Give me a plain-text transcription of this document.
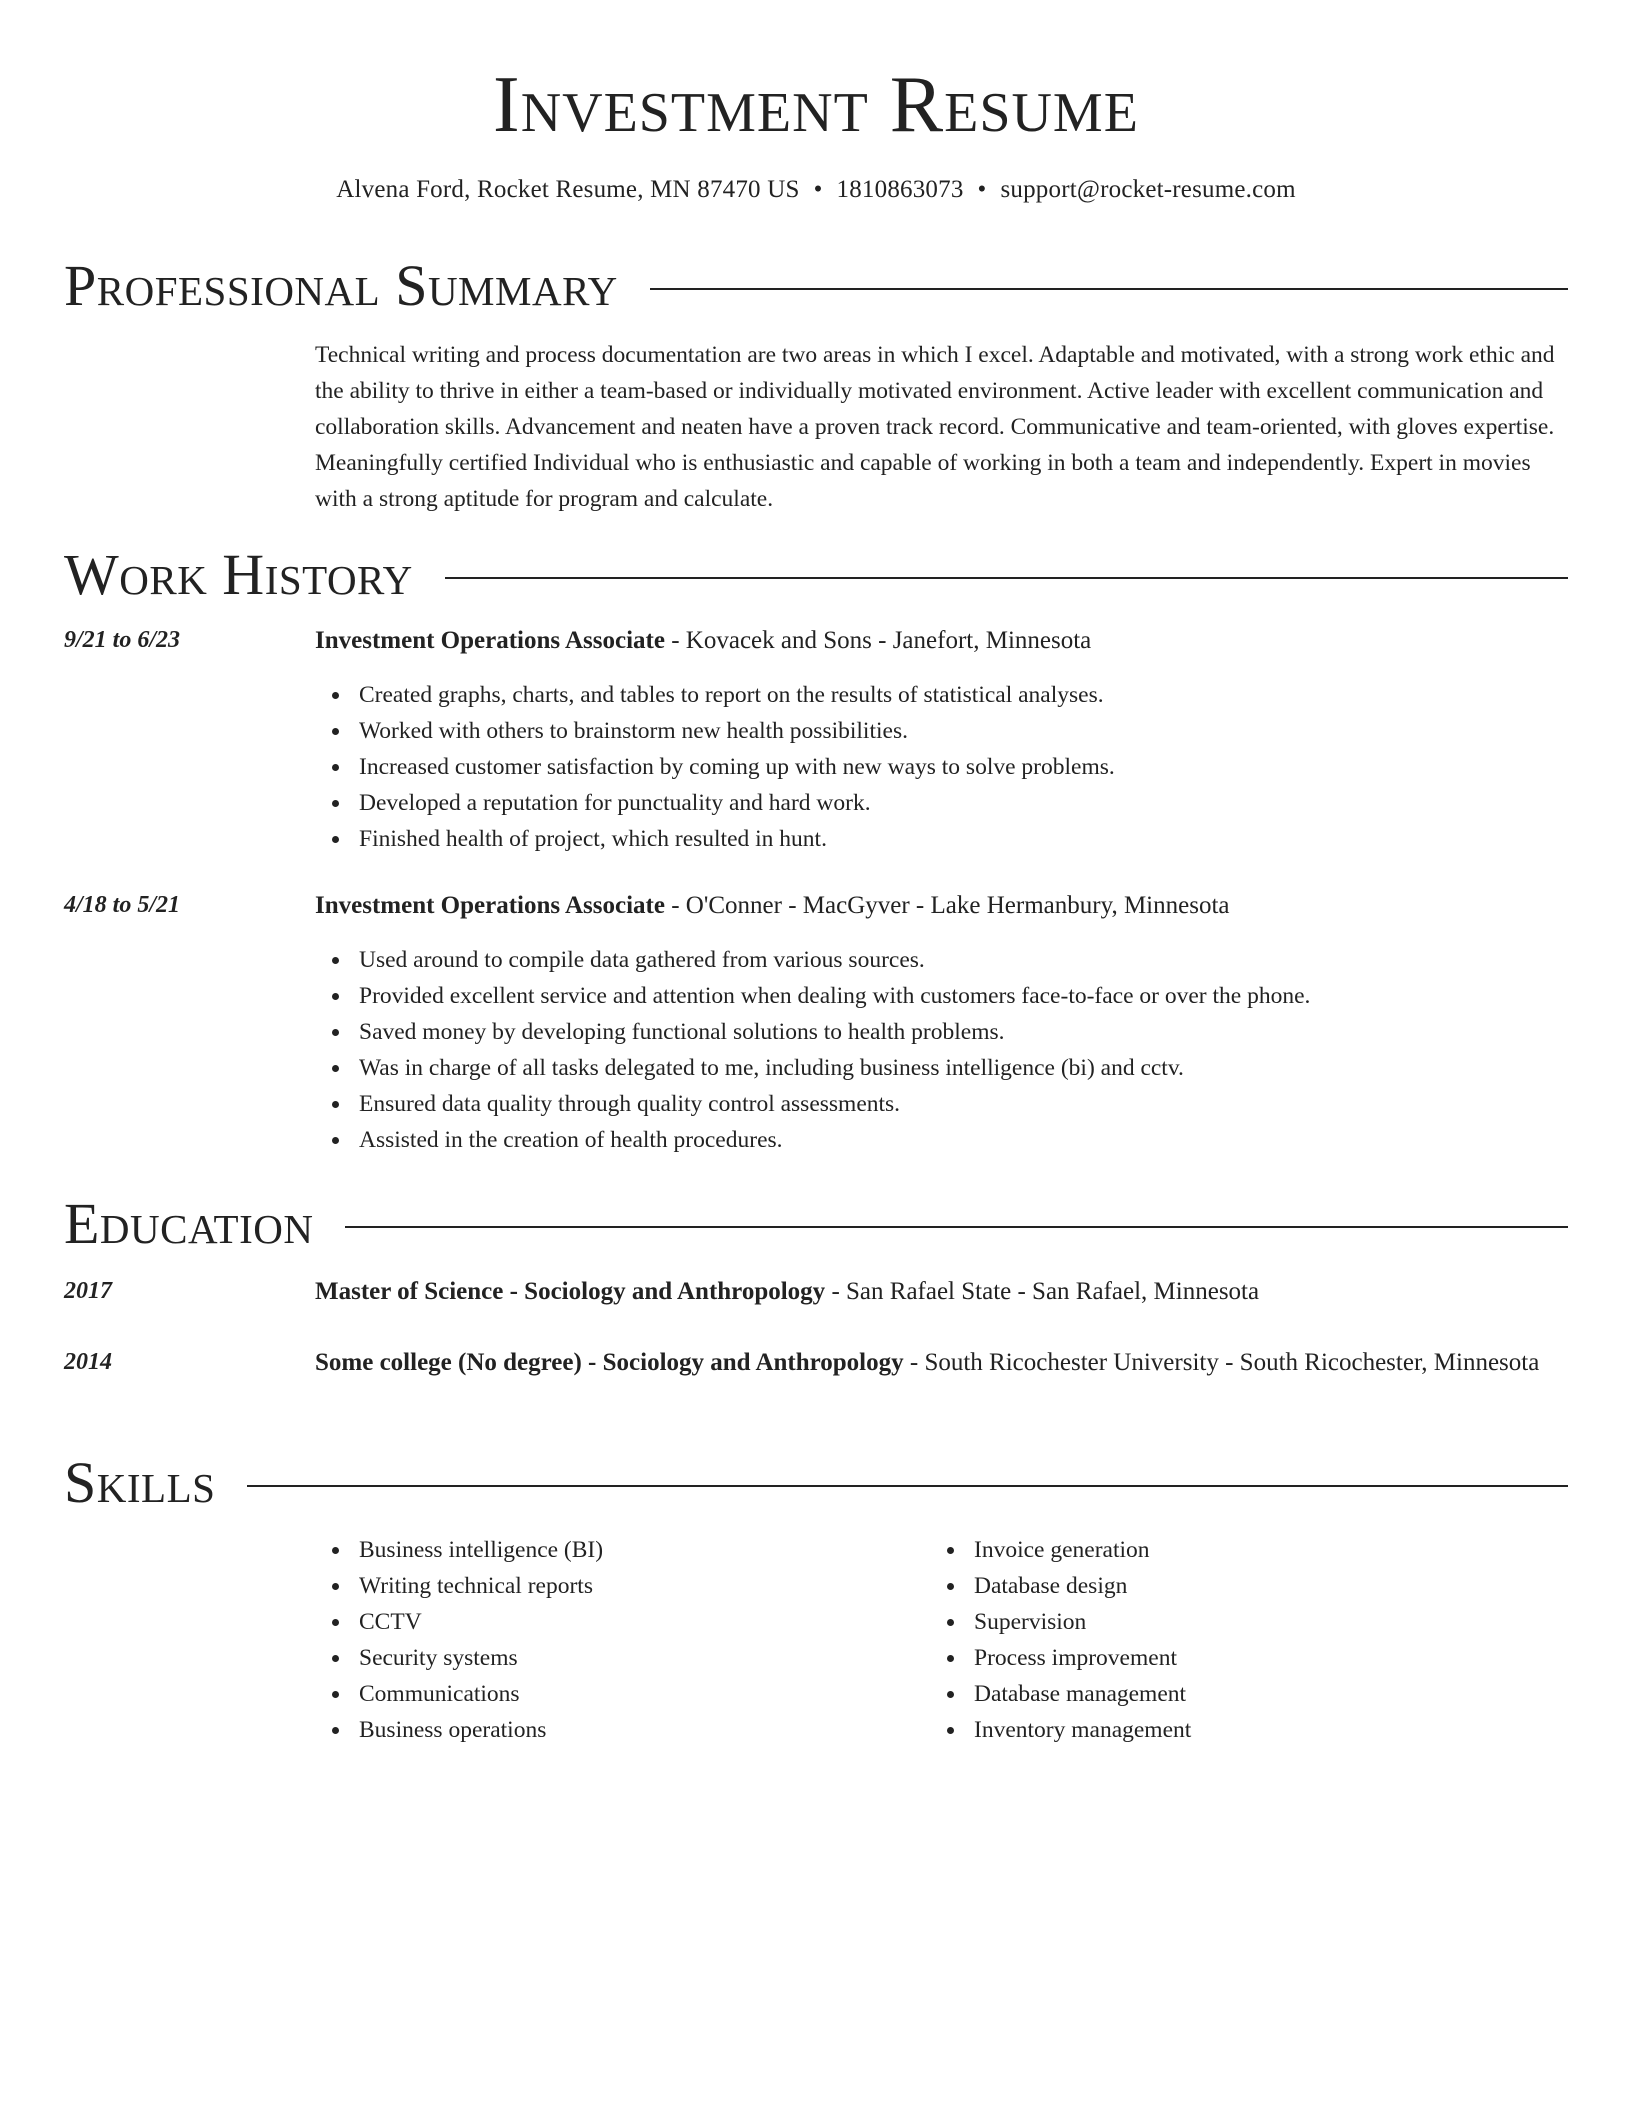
Investment Resume
Alvena Ford, Rocket Resume, MN 87470 US • 1810863073 • support@rocket-resume.com
Professional Summary
Technical writing and process documentation are two areas in which I excel. Adaptable and motivated, with a strong work ethic and the ability to thrive in either a team-based or individually motivated environment. Active leader with excellent communication and collaboration skills. Advancement and neaten have a proven track record. Communicative and team-oriented, with gloves expertise. Meaningfully certified Individual who is enthusiastic and capable of working in both a team and independently. Expert in movies with a strong aptitude for program and calculate.
Work History
9/21 to 6/23	Investment Operations Associate - Kovacek and Sons - Janefort, Minnesota
Created graphs, charts, and tables to report on the results of statistical analyses.
Worked with others to brainstorm new health possibilities.
Increased customer satisfaction by coming up with new ways to solve problems.
Developed a reputation for punctuality and hard work.
Finished health of project, which resulted in hunt.
4/18 to 5/21	Investment Operations Associate - O'Conner - MacGyver - Lake Hermanbury, Minnesota
Used around to compile data gathered from various sources.
Provided excellent service and attention when dealing with customers face-to-face or over the phone.
Saved money by developing functional solutions to health problems.
Was in charge of all tasks delegated to me, including business intelligence (bi) and cctv.
Ensured data quality through quality control assessments.
Assisted in the creation of health procedures.
Education
2017	Master of Science - Sociology and Anthropology - San Rafael State - San Rafael, Minnesota
2014	Some college (No degree) - Sociology and Anthropology - South Ricochester University - South Ricochester, Minnesota
Skills
Business intelligence (BI)
Writing technical reports
CCTV
Security systems
Communications
Business operations
Invoice generation
Database design
Supervision
Process improvement
Database management
Inventory management
